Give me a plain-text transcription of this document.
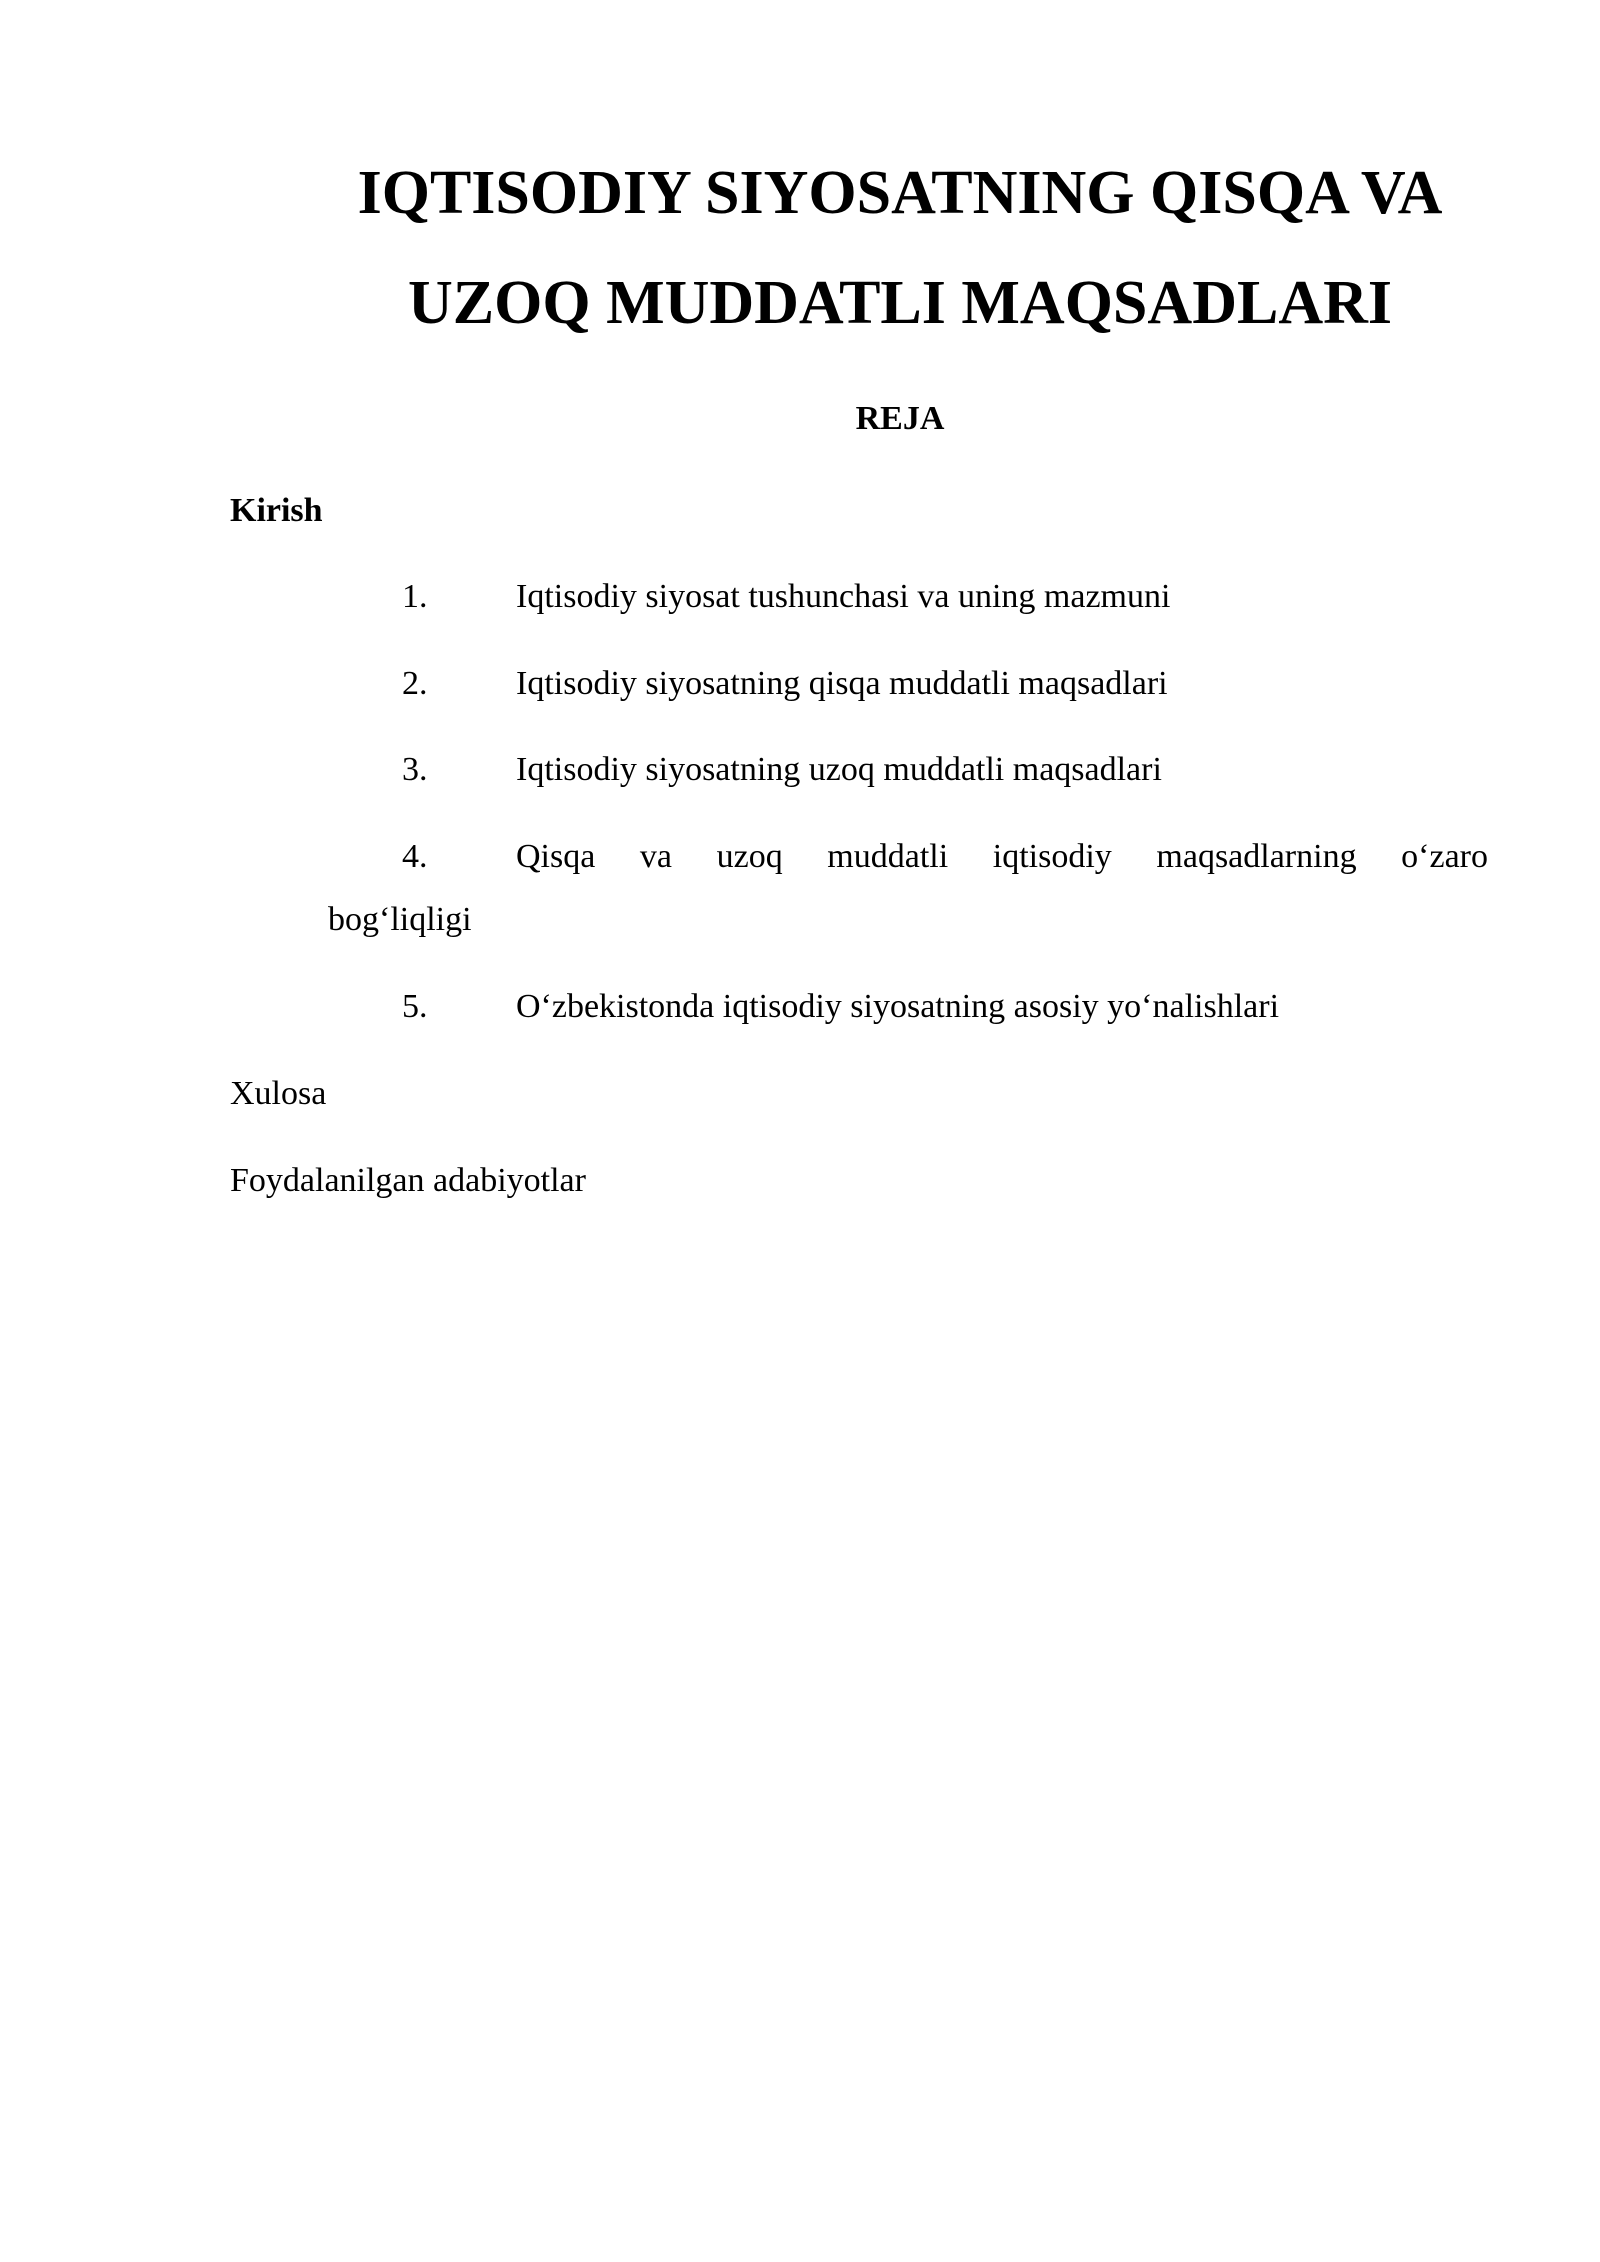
IQTISODIY SIYOSATNING QISQA VA
UZOQ MUDDATLI MAQSADLARI
REJA
Kirish
1.	Iqtisodiy siyosat tushunchasi va uning mazmuni
2.	Iqtisodiy siyosatning qisqa muddatli maqsadlari
3.	Iqtisodiy siyosatning uzoq muddatli maqsadlari
4.	Qisqa va uzoq muddatli iqtisodiy maqsadlarning o‘zaro
bog‘liqligi
5.	O‘zbekistonda iqtisodiy siyosatning asosiy yo‘nalishlari
Xulosa
Foydalanilgan adabiyotlar
